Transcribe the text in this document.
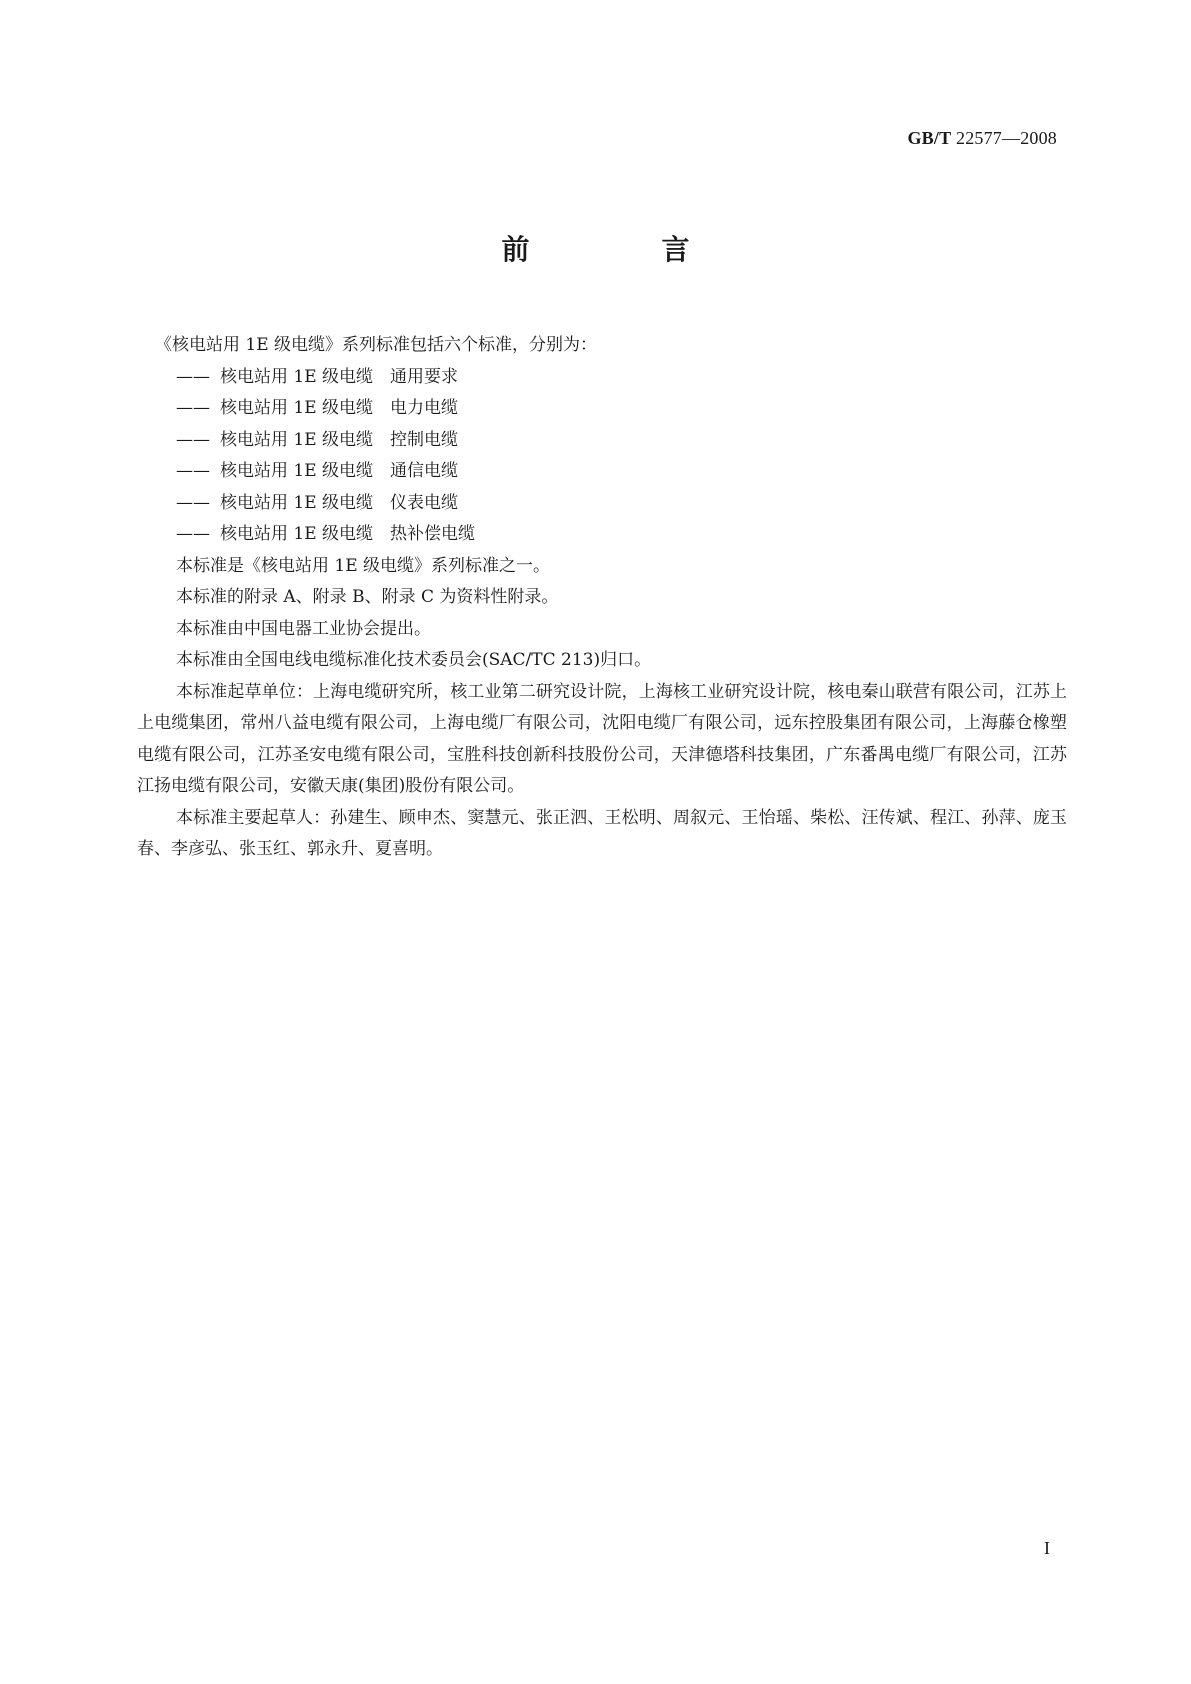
GB/T 22577—2008
前　言

《核电站用 1E 级电缆》系列标准包括六个标准，分别为：

—— 核电站用 1E 级电缆 通用要求

—— 核电站用 1E 级电缆 电力电缆

—— 核电站用 1E 级电缆 控制电缆

—— 核电站用 1E 级电缆 通信电缆

—— 核电站用 1E 级电缆 仪表电缆

—— 核电站用 1E 级电缆 热补偿电缆

本标准是《核电站用 1E 级电缆》系列标准之一。

本标准的附录 A、附录 B、附录 C 为资料性附录。

本标准由中国电器工业协会提出。

本标准由全国电线电缆标准化技术委员会(SAC/TC 213)归口。

本标准起草单位：上海电缆研究所，核工业第二研究设计院，上海核工业研究设计院，核电秦山联营有限公司，江苏上上电缆集团，常州八益电缆有限公司，上海电缆厂有限公司，沈阳电缆厂有限公司，远东控股集团有限公司，上海藤仓橡塑电缆有限公司，江苏圣安电缆有限公司，宝胜科技创新科技股份公司，天津德塔科技集团，广东番禺电缆厂有限公司，江苏江扬电缆有限公司，安徽天康(集团)股份有限公司。

本标准主要起草人：孙建生、顾申杰、窦慧元、张正泗、王松明、周叙元、王怡瑶、柴松、汪传斌、程江、孙萍、庞玉春、李彦弘、张玉红、郭永升、夏喜明。

I
